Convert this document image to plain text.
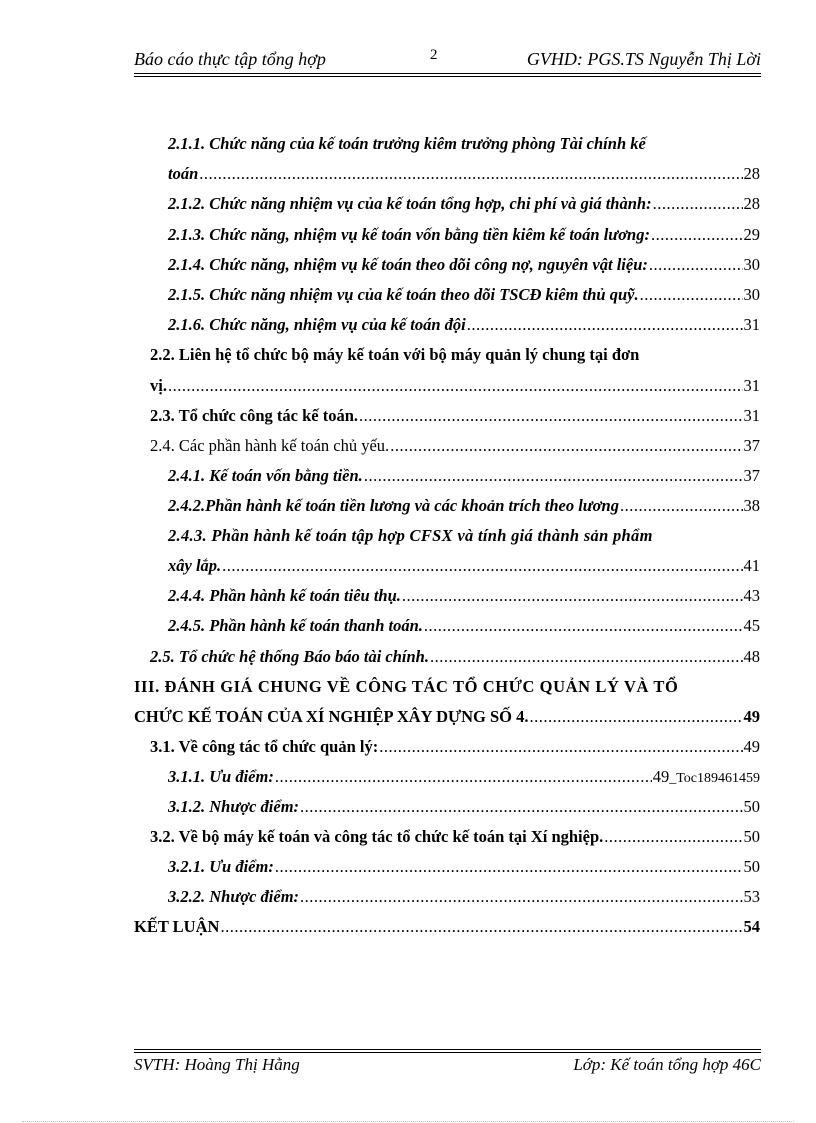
Báo cáo thực tập tổng hợp	2	GVHD: PGS.TS Nguyễn Thị Lời
2.1.1. Chức năng của kế toán trưởng kiêm trưởng phòng Tài chính kế
toán .....	28
2.1.2. Chức năng nhiệm vụ của kế toán tổng hợp, chi phí và giá thành: .....	28
2.1.3. Chức năng, nhiệm vụ kế toán vốn bằng tiền kiêm kế toán lương: .....	29
2.1.4. Chức năng, nhiệm vụ kế toán theo dõi công nợ, nguyên vật liệu: .....	30
2.1.5. Chức năng nhiệm vụ của kế toán theo dõi TSCĐ kiêm thủ quỹ. .....	30
2.1.6. Chức năng, nhiệm vụ của kế toán đội .....	31
2.2. Liên hệ tổ chức bộ máy kế toán với bộ máy quản lý chung tại đơn
vị. .....	31
2.3. Tổ chức công tác kế toán. .....	31
2.4. Các phần hành kế toán chủ yếu. .....	37
2.4.1. Kế toán vốn bằng tiền. .....	37
2.4.2.Phần hành kế toán tiền lương và các khoản trích theo lương .....	38
2.4.3. Phần hành kế toán tập hợp CFSX và tính giá thành sản phẩm
xây lắp. .....	41
2.4.4. Phần hành kế toán tiêu thụ. .....	43
2.4.5. Phần hành kế toán thanh toán. .....	45
2.5. Tổ chức hệ thống Báo báo tài chính. .....	48
III. ĐÁNH GIÁ CHUNG VỀ CÔNG TÁC TỔ CHỨC QUẢN LÝ VÀ TỔ
CHỨC KẾ TOÁN CỦA XÍ NGHIỆP XÂY DỰNG SỐ 4. .....	49
3.1. Về công tác tổ chức quản lý: .....	49
3.1.1. Ưu điểm: .....	49 _Toc189461459
3.1.2. Nhược điểm: .....	50
3.2. Về bộ máy kế toán và công tác tổ chức kế toán tại Xí nghiệp. .....	50
3.2.1. Ưu điểm: .....	50
3.2.2. Nhược điểm: .....	53
KẾT LUẬN .....	54
SVTH: Hoàng Thị Hằng	Lớp: Kế toán tổng hợp 46C
